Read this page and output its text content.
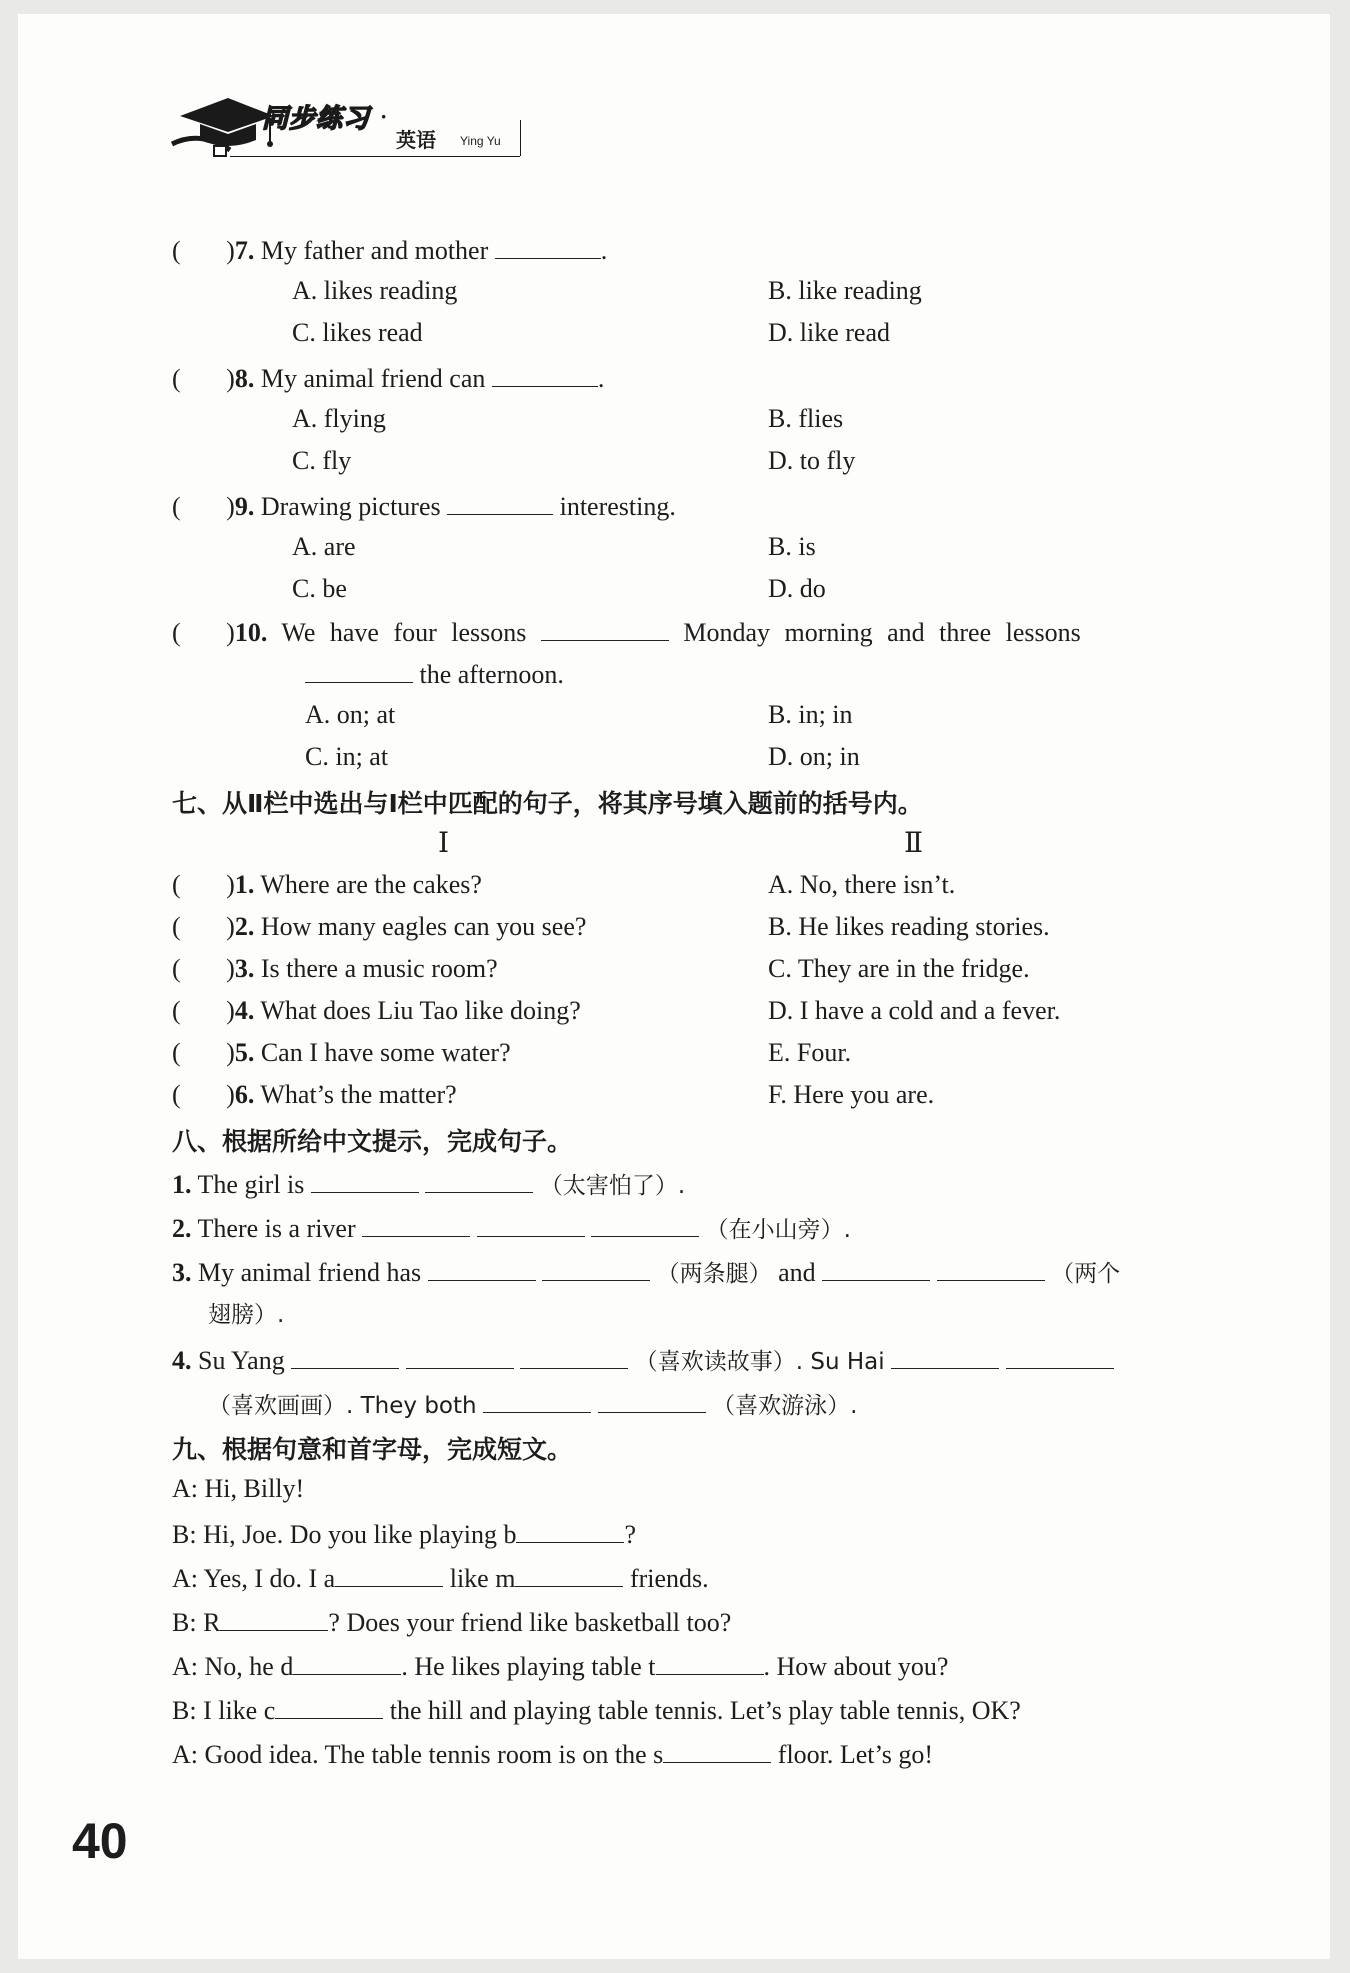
同步练习 ·
英语 Ying Yu
(       )7. My father and mother	.
A. likes reading	B. like reading
C. likes read	D. like read
(       )8. My animal friend can	.
A. flying	B. flies
C. fly	D. to fly
(       )9. Drawing pictures	interesting.
A. are	B. is
C. be	D. do
(       )10. We have four lessons	Monday morning and three lessons
the afternoon.
A. on; at	B. in; in
C. in; at	D. on; in
七、从Ⅱ栏中选出与Ⅰ栏中匹配的句子，将其序号填入题前的括号内。
Ⅰ	Ⅱ
(       )1. Where are the cakes?	A. No, there isn’t.
(       )2. How many eagles can you see?	B. He likes reading stories.
(       )3. Is there a music room?	C. They are in the fridge.
(       )4. What does Liu Tao like doing?	D. I have a cold and a fever.
(       )5. Can I have some water?	E. Four.
(       )6. What’s the matter?	F. Here you are.
八、根据所给中文提示，完成句子。
1. The girl is	（太害怕了）.
2. There is a river	（在小山旁）.
3. My animal friend has	（两条腿） and	（两个
翅膀）.
4. Su Yang	（喜欢读故事）. Su Hai
（喜欢画画）. They both	（喜欢游泳）.
九、根据句意和首字母，完成短文。
A: Hi, Billy!
B: Hi, Joe. Do you like playing b	?
A: Yes, I do. I a	like m	friends.
B: R	? Does your friend like basketball too?
A: No, he d	. He likes playing table t	. How about you?
B: I like c	the hill and playing table tennis. Let’s play table tennis, OK?
A: Good idea. The table tennis room is on the s	floor. Let’s go!
40
